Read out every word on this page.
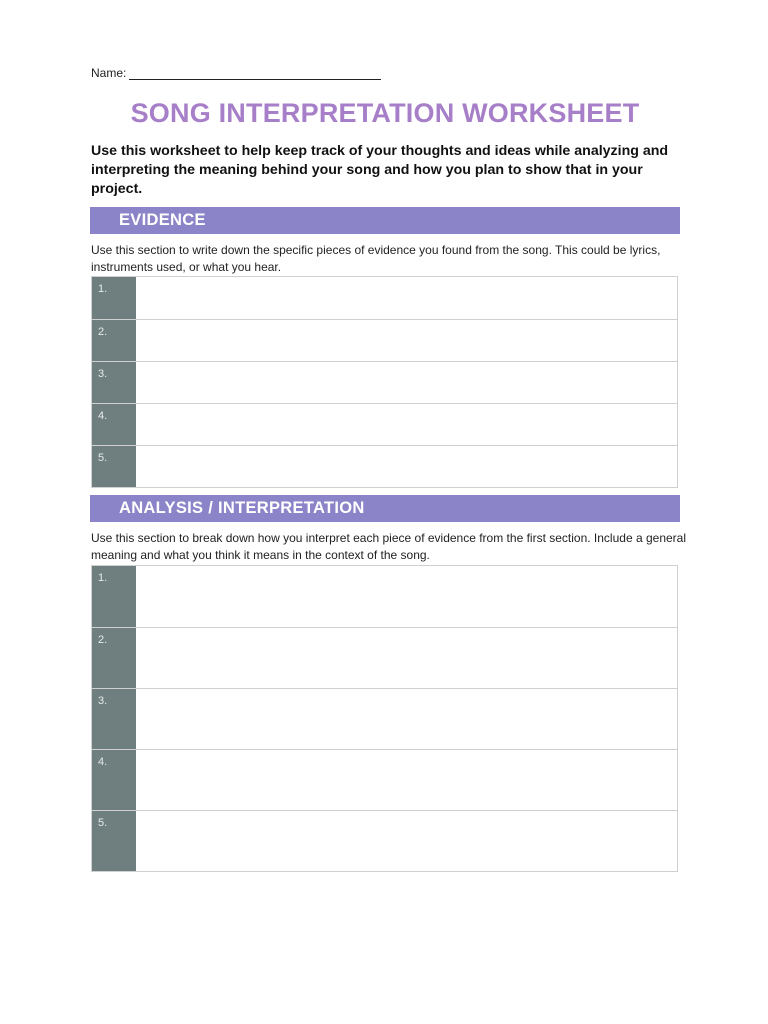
Name:
SONG INTERPRETATION WORKSHEET
Use this worksheet to help keep track of your thoughts and ideas while analyzing and interpreting the meaning behind your song and how you plan to show that in your project.
EVIDENCE
Use this section to write down the specific pieces of evidence you found from the song. This could be lyrics, instruments used, or what you hear.
1.
2.
3.
4.
5.
ANALYSIS / INTERPRETATION
Use this section to break down how you interpret each piece of evidence from the first section. Include a general meaning and what you think it means in the context of the song.
1.
2.
3.
4.
5.
